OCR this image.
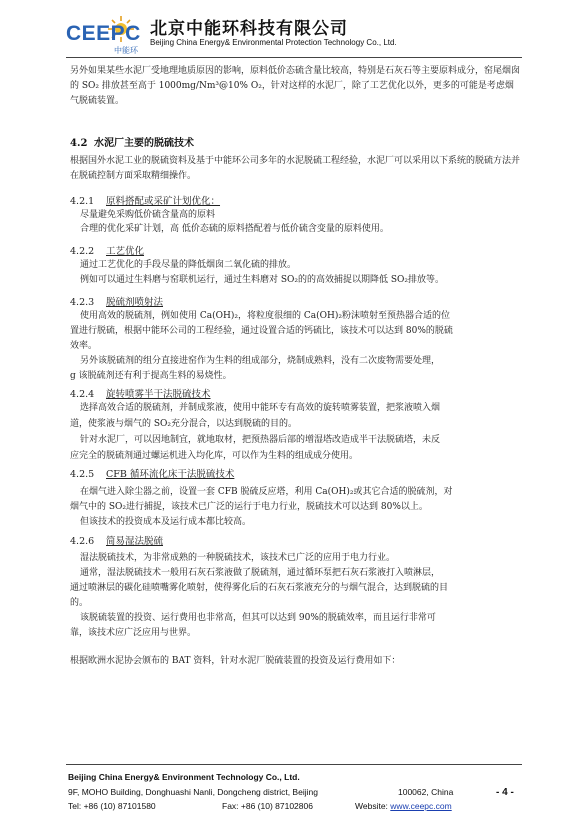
CEEPC
中能环
北京中能环科技有限公司
Beijing China Energy& Environmental Protection Technology Co., Ltd.
另外如果某些水泥厂受地理地质原因的影响，原料低价态硫含量比较高，特别是石灰石等主要原料成分，窑尾烟囱的 SO₂ 排放甚至高于 1000mg/Nm³@10% O₂，针对这样的水泥厂，除了工艺优化以外，更多的可能是考虑烟气脱硫装置。
4.2 水泥厂主要的脱硫技术
根据国外水泥工业的脱硫资料及基于中能环公司多年的水泥脱硫工程经验，水泥厂可以采用以下系统的脱硫方法并在脱硫控制方面采取精细操作。
4.2.1 原料搭配或采矿计划优化：
尽量避免采购低价硫含量高的原料
合理的优化采矿计划，高 低价态硫的原料搭配着与低价硫含变量的原料使用。
4.2.2 工艺优化
通过工艺优化的手段尽量的降低烟囱二氧化硫的排放。
例如可以通过生料磨与窑联机运行，通过生料磨对 SO₂的的高效捕捉以期降低 SO₂排放等。
4.2.3 脱硫剂喷射法
使用高效的脱硫剂，例如使用 Ca(OH)₂，将粒度很细的 Ca(OH)₂粉沫喷射至预热器合适的位
置进行脱硫，根据中能环公司的工程经验，通过设置合适的钙硫比，该技术可以达到 80%的脱硫
效率。
另外该脱硫剂的组分直接进窑作为生料的组成部分，烧制成熟料，没有二次废物需要处理，
g 该脱硫剂还有利于提高生料的易烧性。
4.2.4 旋转喷雾半干法脱硫技术
选择高效合适的脱硫剂，并制成浆液，使用中能环专有高效的旋转喷雾装置，把浆液喷入烟
道，使浆液与烟气的 SO₂充分混合，以达到脱硫的目的。
针对水泥厂，可以因地制宜，就地取材，把预热器后部的增湿塔改造成半干法脱硫塔，未反
应完全的脱硫剂通过螺运机进入均化库，可以作为生料的组成成分使用。
4.2.5 CFB 循环流化床干法脱硫技术
在烟气进入除尘器之前，设置一套 CFB 脱硫反应塔，利用 Ca(OH)₂或其它合适的脱硫剂，对
烟气中的 SO₂进行捕捉，该技术已广泛的运行于电力行业，脱硫技术可以达到 80%以上。
但该技术的投资成本及运行成本都比较高。
4.2.6 简易湿法脱硫
湿法脱硫技术，为非常成熟的一种脱硫技术，该技术已广泛的应用于电力行业。
通常，湿法脱硫技术一般用石灰石浆液做了脱硫剂，通过循环泵把石灰石浆液打入喷淋层，
通过喷淋层的碳化硅喷嘴雾化喷射，使得雾化后的石灰石浆液充分的与烟气混合，达到脱硫的目
的。
该脱硫装置的投资、运行费用也非常高，但其可以达到 90%的脱硫效率，而且运行非常可
靠，该技术应广泛应用与世界。
根据欧洲水泥协会颁布的 BAT 资料，针对水泥厂脱硫装置的投资及运行费用如下：
Beijing China Energy& Environment Technology Co., Ltd.
9F, MOHO Building, Donghuashi Nanli, Dongcheng district, Beijing	100062, China	- 4 -
Tel: +86 (10) 87101580	Fax: +86 (10) 87102806	Website: www.ceepc.com
